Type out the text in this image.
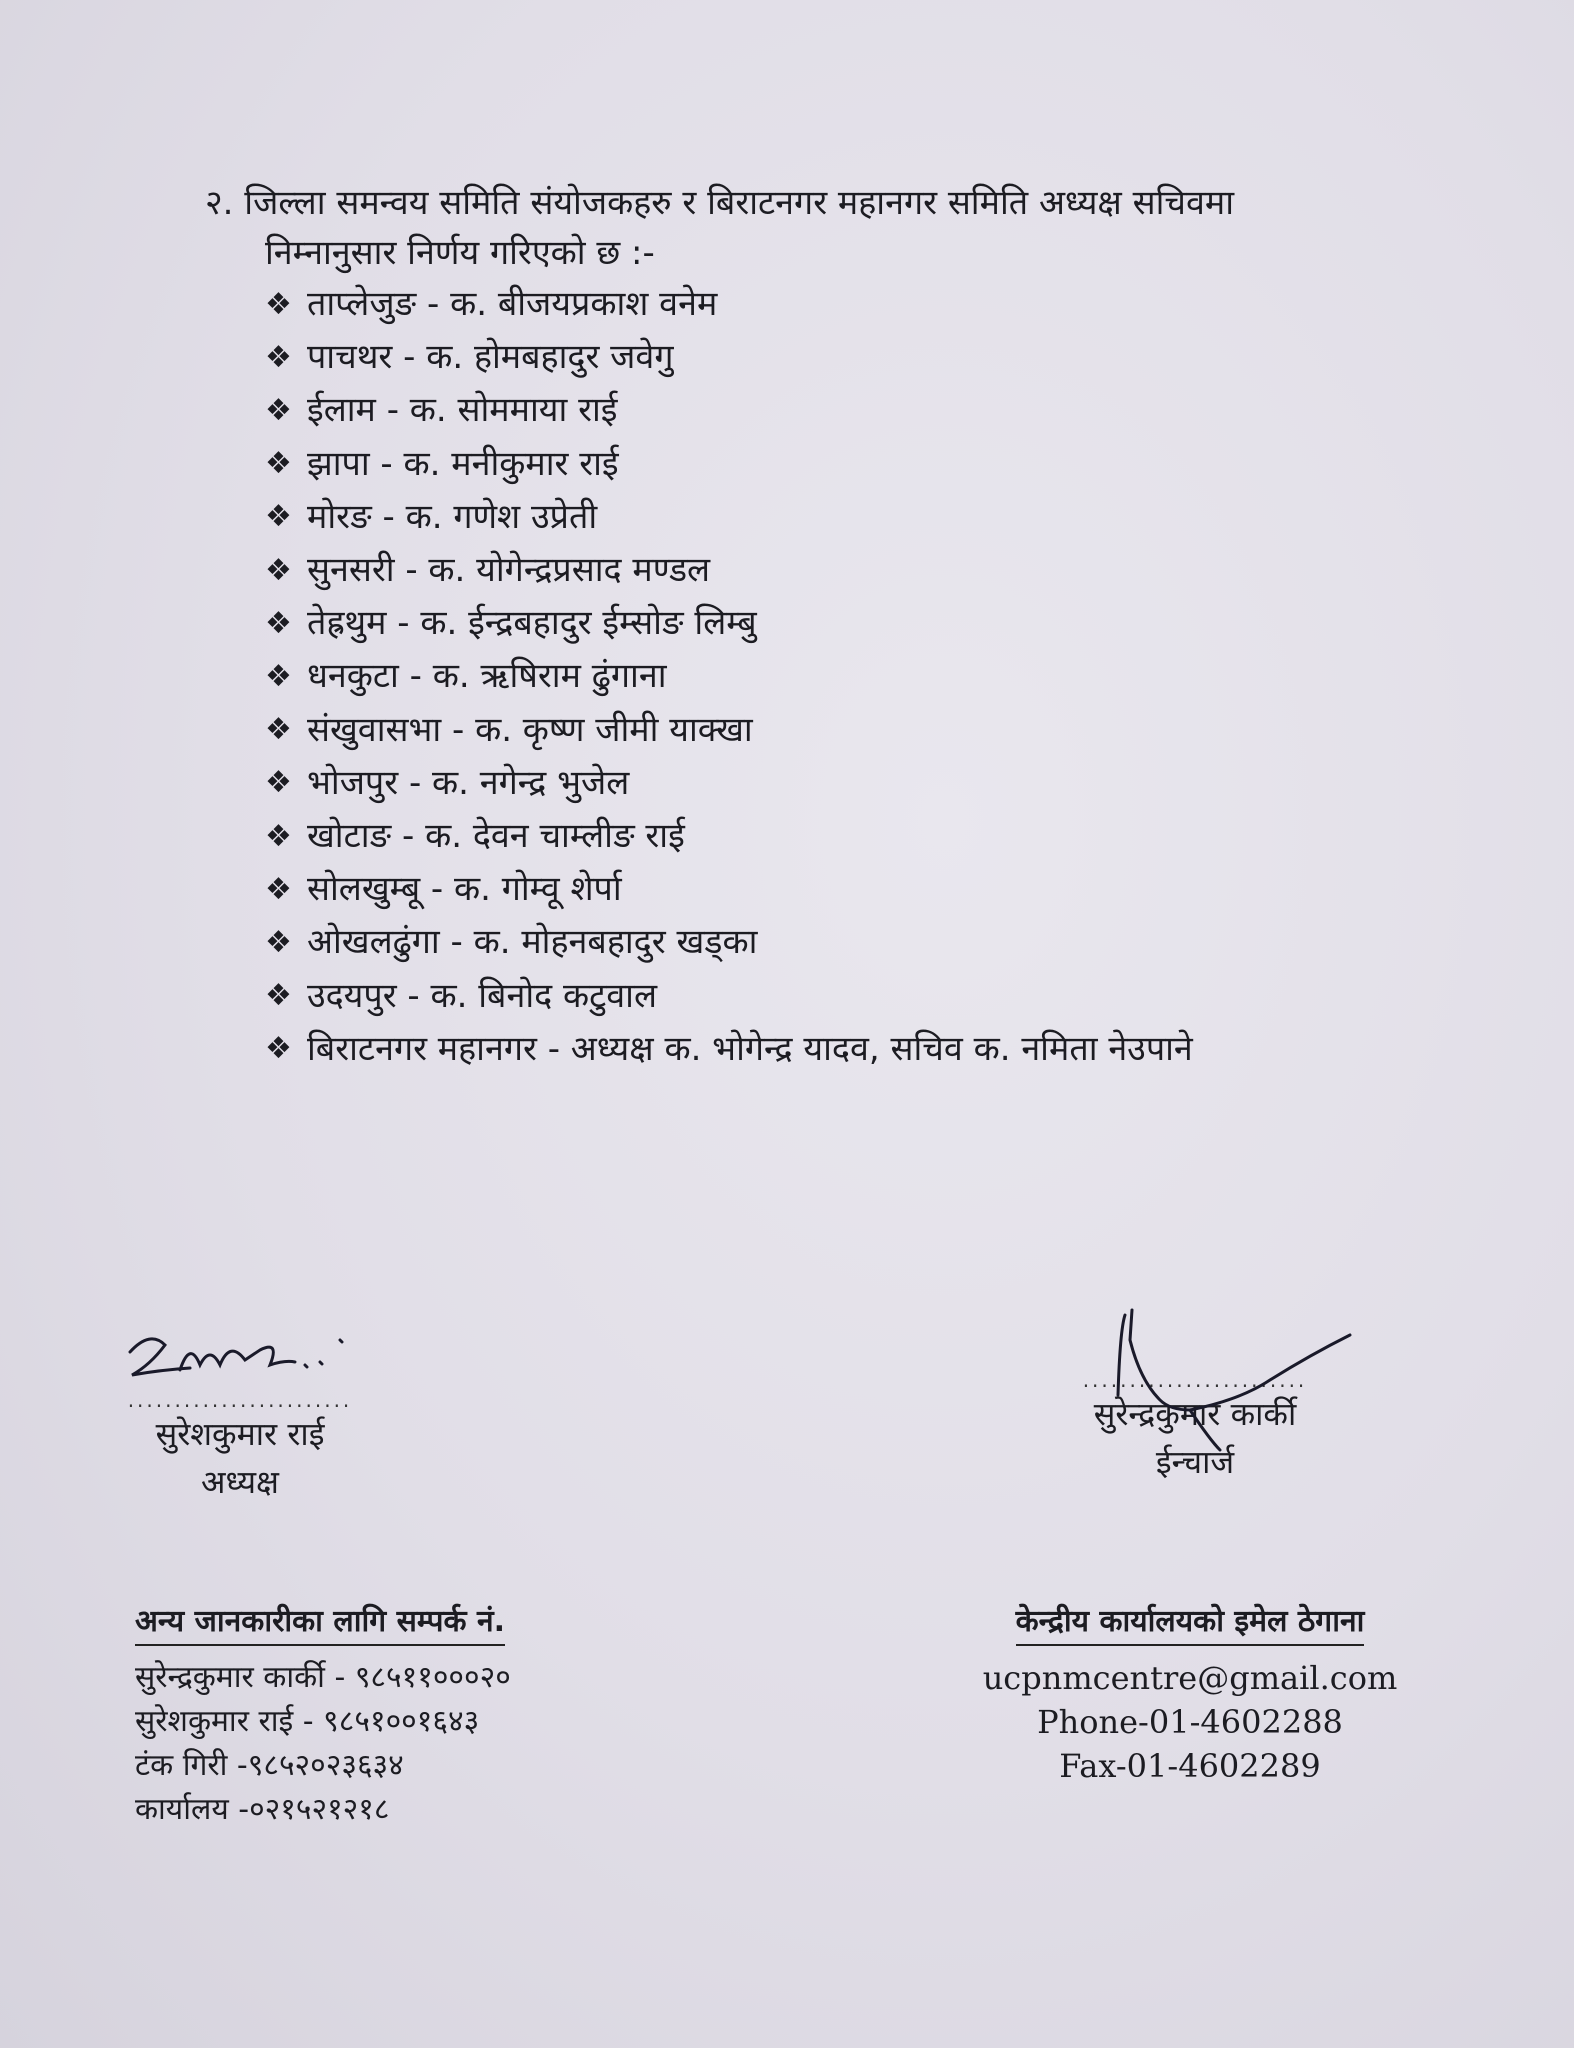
२. जिल्ला समन्वय समिति संयोजकहरु र बिराटनगर महानगर समिति अध्यक्ष सचिवमा
निम्नानुसार निर्णय गरिएको छ :-
❖ ताप्लेजुङ - क. बीजयप्रकाश वनेम
❖ पाचथर - क. होमबहादुर जवेगु
❖ ईलाम - क. सोममाया राई
❖ झापा - क. मनीकुमार राई
❖ मोरङ - क. गणेश उप्रेती
❖ सुनसरी - क. योगेन्द्रप्रसाद मण्डल
❖ तेह्रथुम - क. ईन्द्रबहादुर ईम्सोङ लिम्बु
❖ धनकुटा - क. ऋषिराम ढुंगाना
❖ संखुवासभा - क. कृष्ण जीमी याक्खा
❖ भोजपुर - क. नगेन्द्र भुजेल
❖ खोटाङ - क. देवन चाम्लीङ राई
❖ सोलखुम्बू - क. गोम्वू शेर्पा
❖ ओखलढुंगा - क. मोहनबहादुर खड्का
❖ उदयपुर - क. बिनोद कटुवाल
❖ बिराटनगर महानगर - अध्यक्ष क. भोगेन्द्र यादव, सचिव क. नमिता नेउपाने
........................
सुरेशकुमार राई
अध्यक्ष
........................
सुरेन्द्रकुमार कार्की
ईन्चार्ज
अन्य जानकारीका लागि सम्पर्क नं.
सुरेन्द्रकुमार कार्की - ९८५११०००२०
सुरेशकुमार राई - ९८५१००१६४३
टंक गिरी -९८५२०२३६३४
कार्यालय -०२१५२१२१८
केन्द्रीय कार्यालयको इमेल ठेगाना
ucpnmcentre@gmail.com
Phone-01-4602288
Fax-01-4602289
